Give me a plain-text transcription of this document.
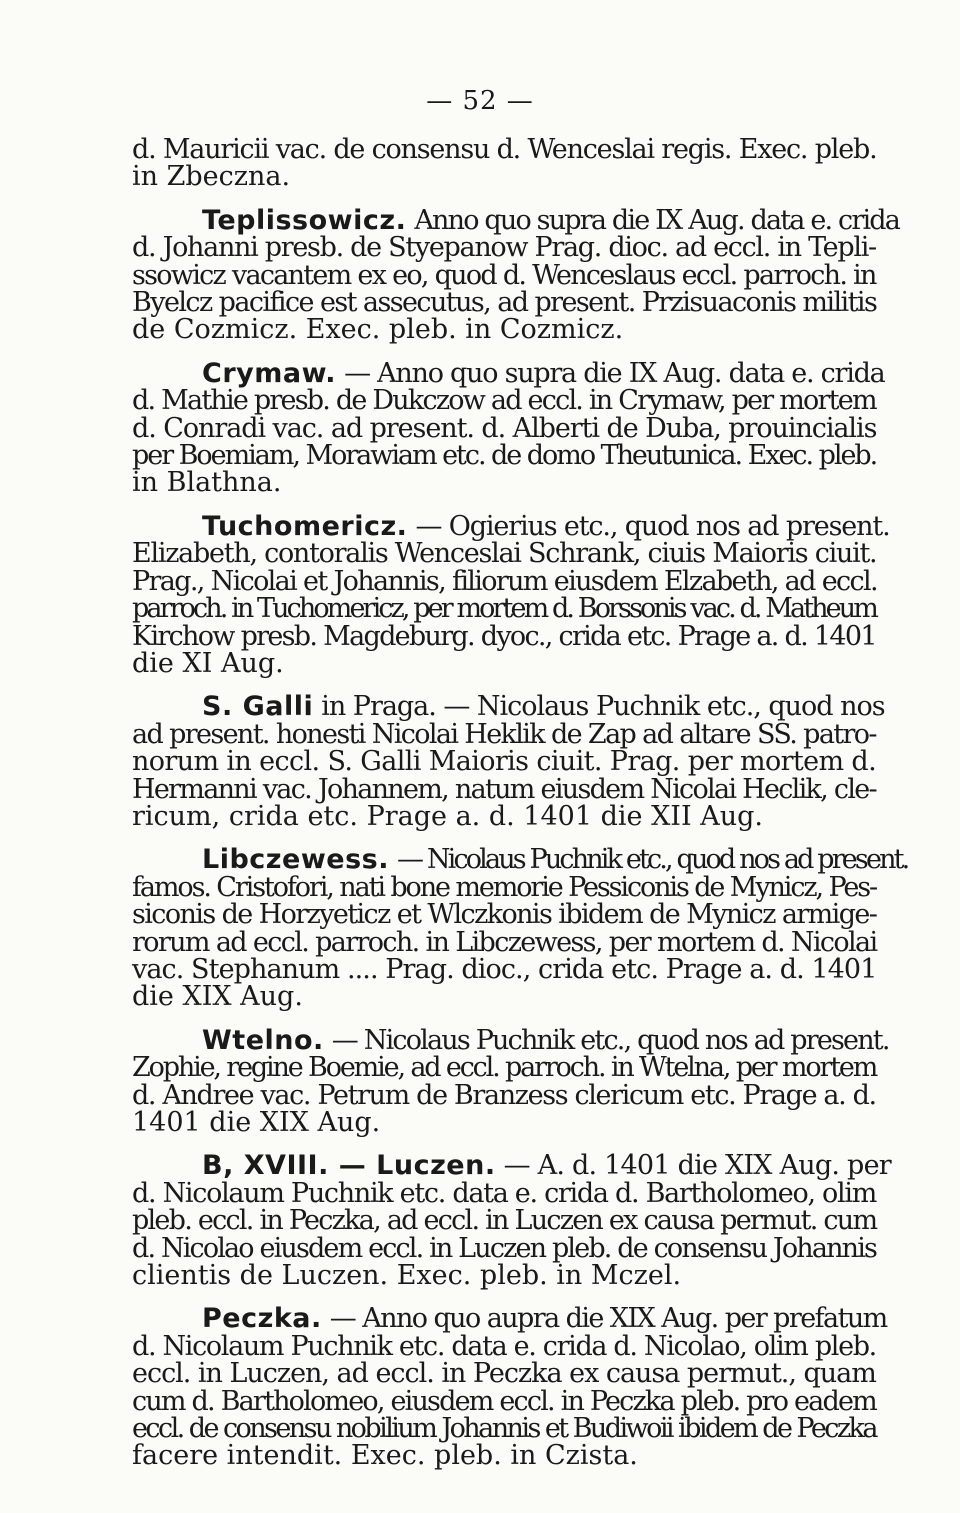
— 52 —
d. Mauricii vac. de consensu d. Wenceslai regis. Exec. pleb.
in Zbeczna.
Teplissowicz. Anno quo supra die IX Aug. data e. crida
d. Johanni presb. de Styepanow Prag. dioc. ad eccl. in Tepli-
ssowicz vacantem ex eo, quod d. Wenceslaus eccl. parroch. in
Byelcz pacifice est assecutus, ad present. Przisuaconis militis
de Cozmicz. Exec. pleb. in Cozmicz.
Crymaw. — Anno quo supra die IX Aug. data e. crida
d. Mathie presb. de Dukczow ad eccl. in Crymaw, per mortem
d. Conradi vac. ad present. d. Alberti de Duba, prouincialis
per Boemiam, Morawiam etc. de domo Theutunica. Exec. pleb.
in Blathna.
Tuchomericz. — Ogierius etc., quod nos ad present.
Elizabeth, contoralis Wenceslai Schrank, ciuis Maioris ciuit.
Prag., Nicolai et Johannis, filiorum eiusdem Elzabeth, ad eccl.
parroch. in Tuchomericz, per mortem d. Borssonis vac. d. Matheum
Kirchow presb. Magdeburg. dyoc., crida etc. Prage a. d. 1401
die XI Aug.
S. Galli in Praga. — Nicolaus Puchnik etc., quod nos
ad present. honesti Nicolai Heklik de Zap ad altare SS. patro-
norum in eccl. S. Galli Maioris ciuit. Prag. per mortem d.
Hermanni vac. Johannem, natum eiusdem Nicolai Heclik, cle-
ricum, crida etc. Prage a. d. 1401 die XII Aug.
Libczewess. — Nicolaus Puchnik etc., quod nos ad present.
famos. Cristofori, nati bone memorie Pessiconis de Mynicz, Pes-
siconis de Horzyeticz et Wlczkonis ibidem de Mynicz armige-
rorum ad eccl. parroch. in Libczewess, per mortem d. Nicolai
vac. Stephanum .... Prag. dioc., crida etc. Prage a. d. 1401
die XIX Aug.
Wtelno. — Nicolaus Puchnik etc., quod nos ad present.
Zophie, regine Boemie, ad eccl. parroch. in Wtelna, per mortem
d. Andree vac. Petrum de Branzess clericum etc. Prage a. d.
1401 die XIX Aug.
B, XVIII. — Luczen. — A. d. 1401 die XIX Aug. per
d. Nicolaum Puchnik etc. data e. crida d. Bartholomeo, olim
pleb. eccl. in Peczka, ad eccl. in Luczen ex causa permut. cum
d. Nicolao eiusdem eccl. in Luczen pleb. de consensu Johannis
clientis de Luczen. Exec. pleb. in Mczel.
Peczka. — Anno quo aupra die XIX Aug. per prefatum
d. Nicolaum Puchnik etc. data e. crida d. Nicolao, olim pleb.
eccl. in Luczen, ad eccl. in Peczka ex causa permut., quam
cum d. Bartholomeo, eiusdem eccl. in Peczka pleb. pro eadem
eccl. de consensu nobilium Johannis et Budiwoii ibidem de Peczka
facere intendit. Exec. pleb. in Czista.
